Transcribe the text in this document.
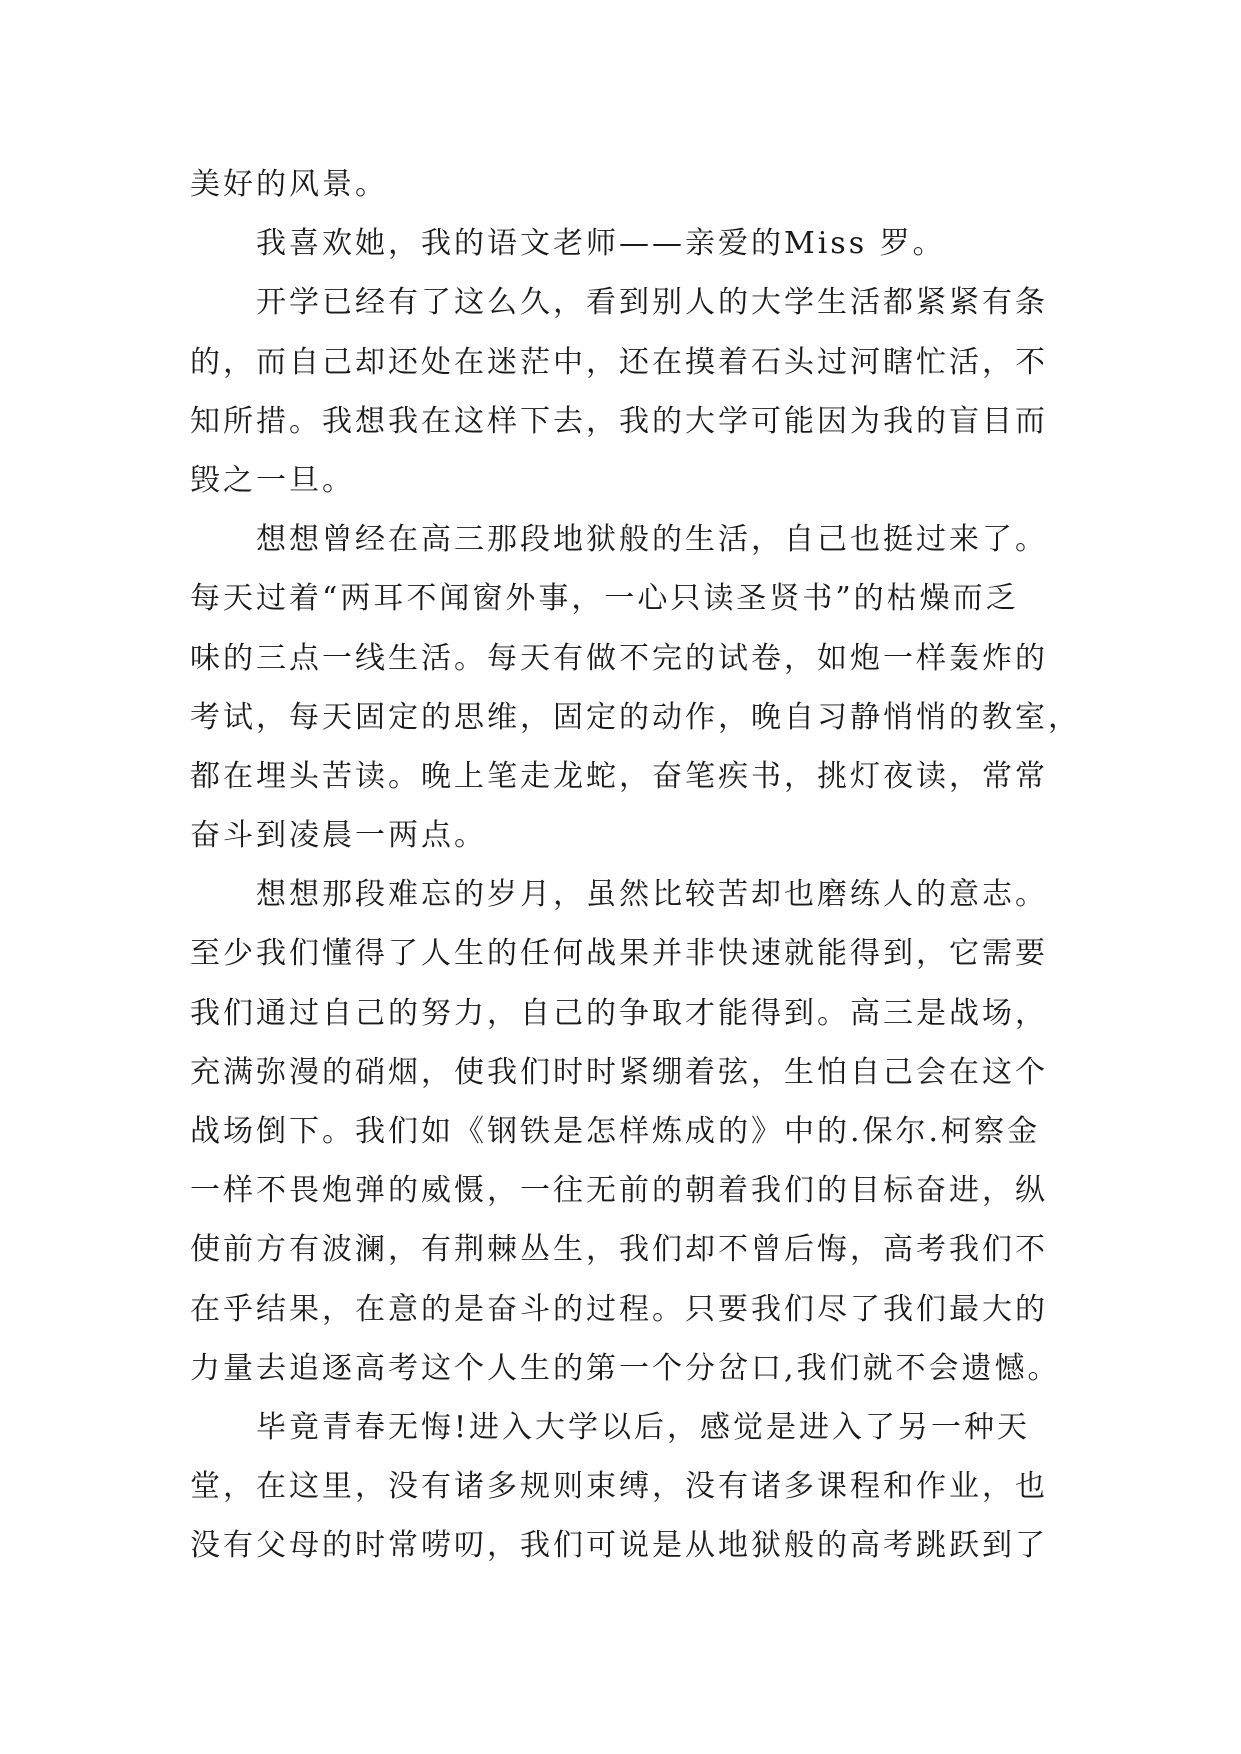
美好的风景。
我喜欢她，我的语文老师——亲爱的Miss 罗。
开学已经有了这么久，看到别人的大学生活都紧紧有条
的，而自己却还处在迷茫中，还在摸着石头过河瞎忙活，不
知所措。我想我在这样下去，我的大学可能因为我的盲目而
毁之一旦。
想想曾经在高三那段地狱般的生活，自己也挺过来了。
每天过着“两耳不闻窗外事，一心只读圣贤书”的枯燥而乏
味的三点一线生活。每天有做不完的试卷，如炮一样轰炸的
考试，每天固定的思维，固定的动作，晚自习静悄悄的教室，
都在埋头苦读。晚上笔走龙蛇，奋笔疾书，挑灯夜读，常常
奋斗到凌晨一两点。
想想那段难忘的岁月，虽然比较苦却也磨练人的意志。
至少我们懂得了人生的任何战果并非快速就能得到，它需要
我们通过自己的努力，自己的争取才能得到。高三是战场，
充满弥漫的硝烟，使我们时时紧绷着弦，生怕自己会在这个
战场倒下。我们如《钢铁是怎样炼成的》中的.保尔.柯察金
一样不畏炮弹的威慑，一往无前的朝着我们的目标奋进，纵
使前方有波澜，有荆棘丛生，我们却不曾后悔，高考我们不
在乎结果，在意的是奋斗的过程。只要我们尽了我们最大的
力量去追逐高考这个人生的第一个分岔口,我们就不会遗憾。
毕竟青春无悔!进入大学以后，感觉是进入了另一种天
堂，在这里，没有诸多规则束缚，没有诸多课程和作业，也
没有父母的时常唠叨，我们可说是从地狱般的高考跳跃到了
